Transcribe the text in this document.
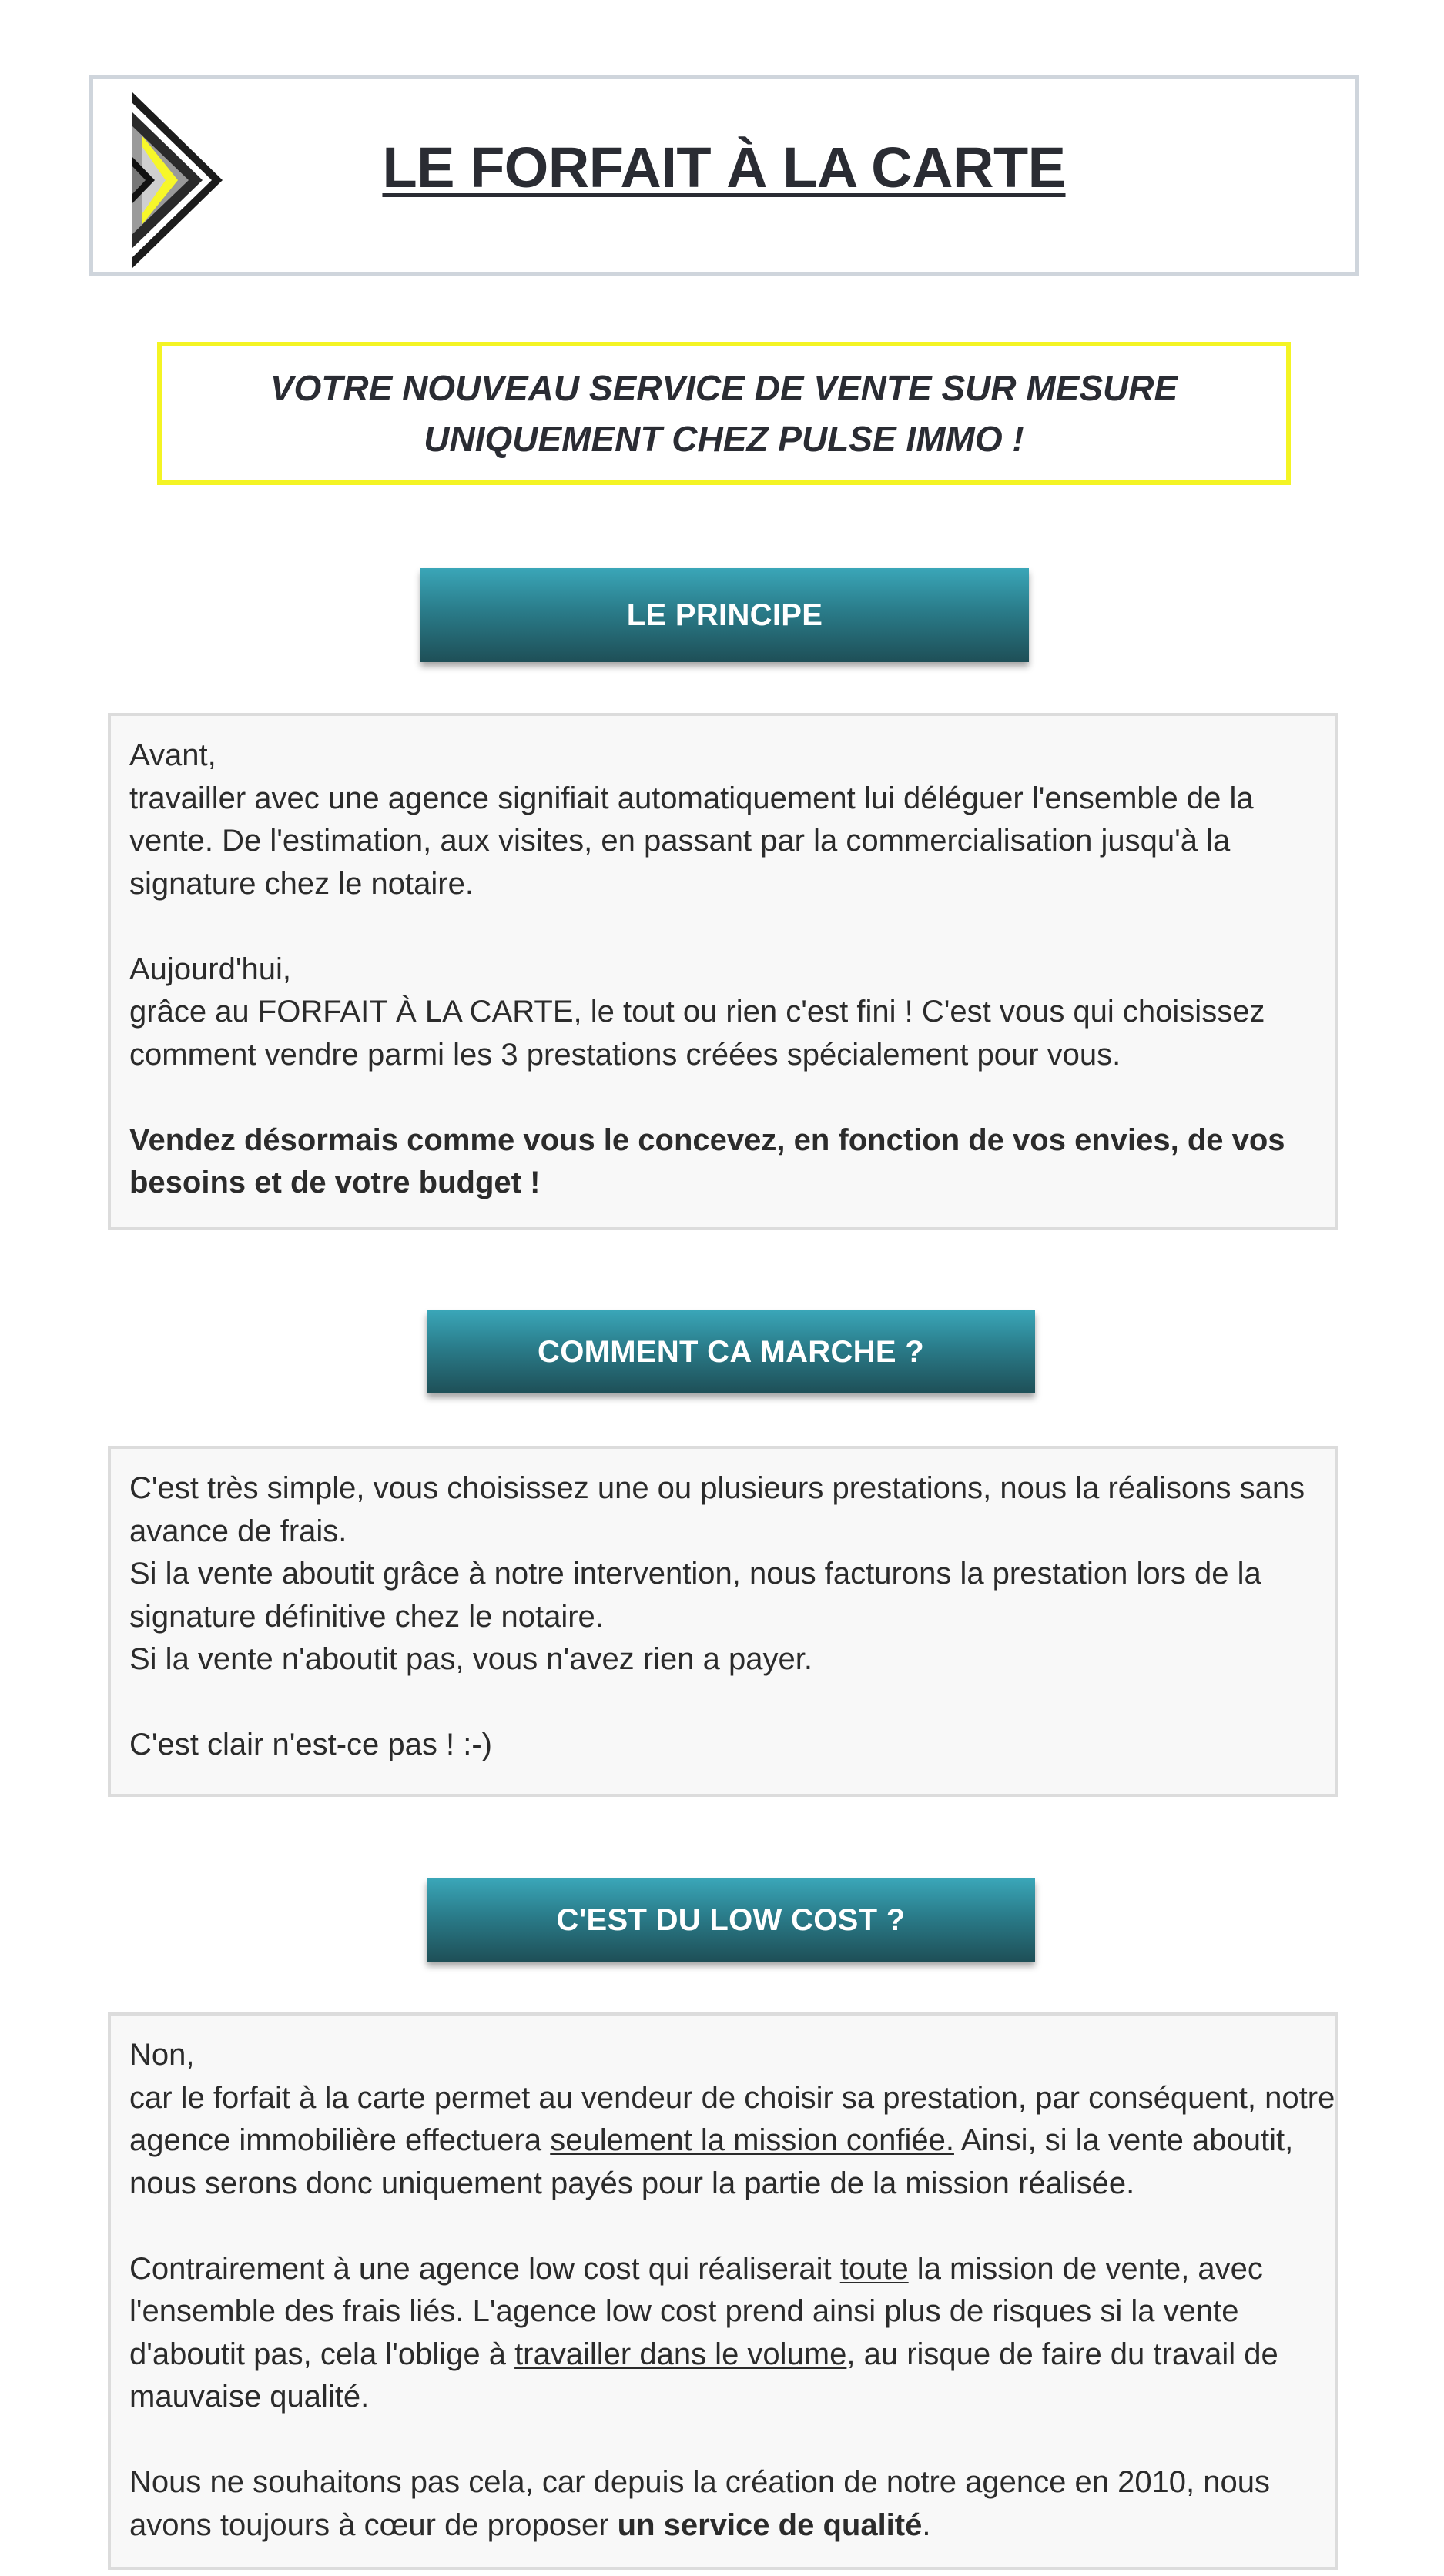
LE FORFAIT À LA CARTE

VOTRE NOUVEAU SERVICE DE VENTE SUR MESURE UNIQUEMENT CHEZ PULSE IMMO !

LE PRINCIPE

Avant,

travailler avec une agence signifiait automatiquement lui déléguer l'ensemble de la vente. De l'estimation, aux visites, en passant par la commercialisation jusqu'à la signature chez le notaire.

Aujourd'hui,

grâce au FORFAIT À LA CARTE, le tout ou rien c'est fini ! C'est vous qui choisissez comment vendre parmi les 3 prestations créées spécialement pour vous.

Vendez désormais comme vous le concevez, en fonction de vos envies, de vos besoins et de votre budget !

COMMENT CA MARCHE ?

C'est très simple, vous choisissez une ou plusieurs prestations, nous la réalisons sans avance de frais.

Si la vente aboutit grâce à notre intervention, nous facturons la prestation lors de la signature définitive chez le notaire.

Si la vente n'aboutit pas, vous n'avez rien a payer.

C'est clair n'est-ce pas ! :-)

C'EST DU LOW COST ?

Non,

car le forfait à la carte permet au vendeur de choisir sa prestation, par conséquent, notre agence immobilière effectuera seulement la mission confiée. Ainsi, si la vente aboutit, nous serons donc uniquement payés pour la partie de la mission réalisée.

Contrairement à une agence low cost qui réaliserait toute la mission de vente, avec l'ensemble des frais liés. L'agence low cost prend ainsi plus de risques si la vente d'aboutit pas, cela l'oblige à travailler dans le volume, au risque de faire du travail de mauvaise qualité.

Nous ne souhaitons pas cela, car depuis la création de notre agence en 2010, nous avons toujours à cœur de proposer un service de qualité.
